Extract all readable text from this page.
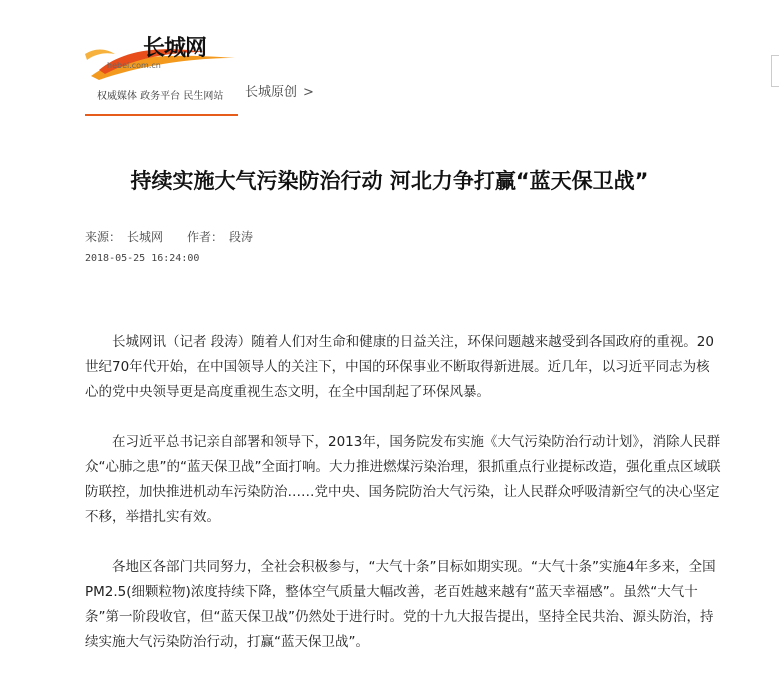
长城网
hebei.com.cn
权威媒体 政务平台 民生网站 长城原创 >
持续实施大气污染防治行动 河北力争打赢“蓝天保卫战”
来源： 长城网 作者： 段涛
2018-05-25 16:24:00

长城网讯（记者 段涛）随着人们对生命和健康的日益关注，环保问题越来越受到各国政府的重视。20世纪70年代开始，在中国领导人的关注下，中国的环保事业不断取得新进展。近几年，以习近平同志为核心的党中央领导更是高度重视生态文明，在全中国刮起了环保风暴。

在习近平总书记亲自部署和领导下，2013年，国务院发布实施《大气污染防治行动计划》，消除人民群众“心肺之患”的“蓝天保卫战”全面打响。大力推进燃煤污染治理，狠抓重点行业提标改造，强化重点区域联防联控，加快推进机动车污染防治……党中央、国务院防治大气污染，让人民群众呼吸清新空气的决心坚定不移，举措扎实有效。

各地区各部门共同努力，全社会积极参与，“大气十条”目标如期实现。“大气十条”实施4年多来，全国PM2.5(细颗粒物)浓度持续下降，整体空气质量大幅改善，老百姓越来越有“蓝天幸福感”。虽然“大气十条”第一阶段收官，但“蓝天保卫战”仍然处于进行时。党的十九大报告提出，坚持全民共治、源头防治，持续实施大气污染防治行动，打赢“蓝天保卫战”。
